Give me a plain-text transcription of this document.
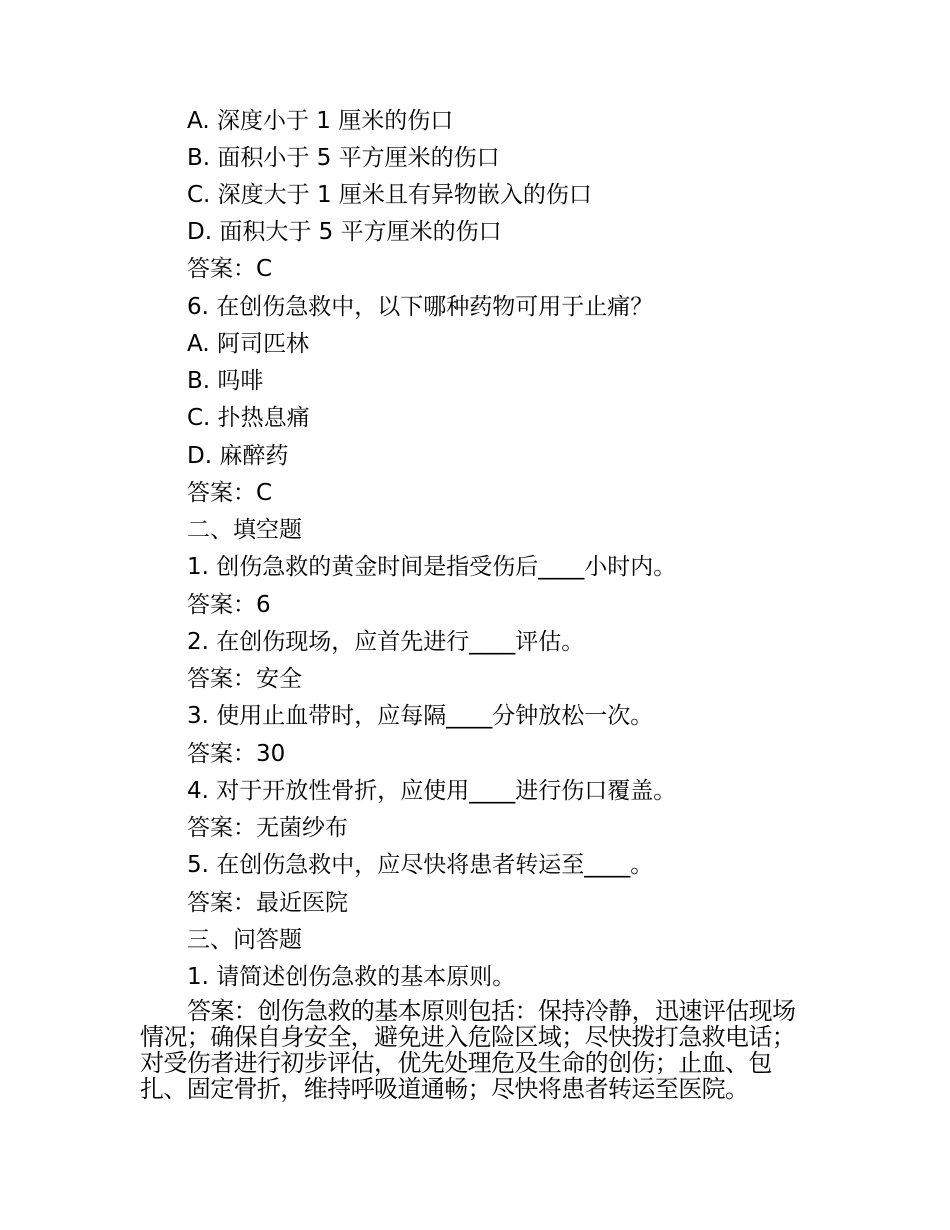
A. 深度小于 1 厘米的伤口

B. 面积小于 5 平方厘米的伤口

C. 深度大于 1 厘米且有异物嵌入的伤口

D. 面积大于 5 平方厘米的伤口

答案：C

6. 在创伤急救中，以下哪种药物可用于止痛？

A. 阿司匹林

B. 吗啡

C. 扑热息痛

D. 麻醉药

答案：C

二、填空题

1. 创伤急救的黄金时间是指受伤后____小时内。

答案：6

2. 在创伤现场，应首先进行____评估。

答案：安全

3. 使用止血带时，应每隔____分钟放松一次。

答案：30

4. 对于开放性骨折，应使用____进行伤口覆盖。

答案：无菌纱布

5. 在创伤急救中，应尽快将患者转运至____。

答案：最近医院

三、问答题

1. 请简述创伤急救的基本原则。

答案：创伤急救的基本原则包括：保持冷静，迅速评估现场情况；确保自身安全，避免进入危险区域；尽快拨打急救电话；对受伤者进行初步评估，优先处理危及生命的创伤；止血、包扎、固定骨折，维持呼吸道通畅；尽快将患者转运至医院。
